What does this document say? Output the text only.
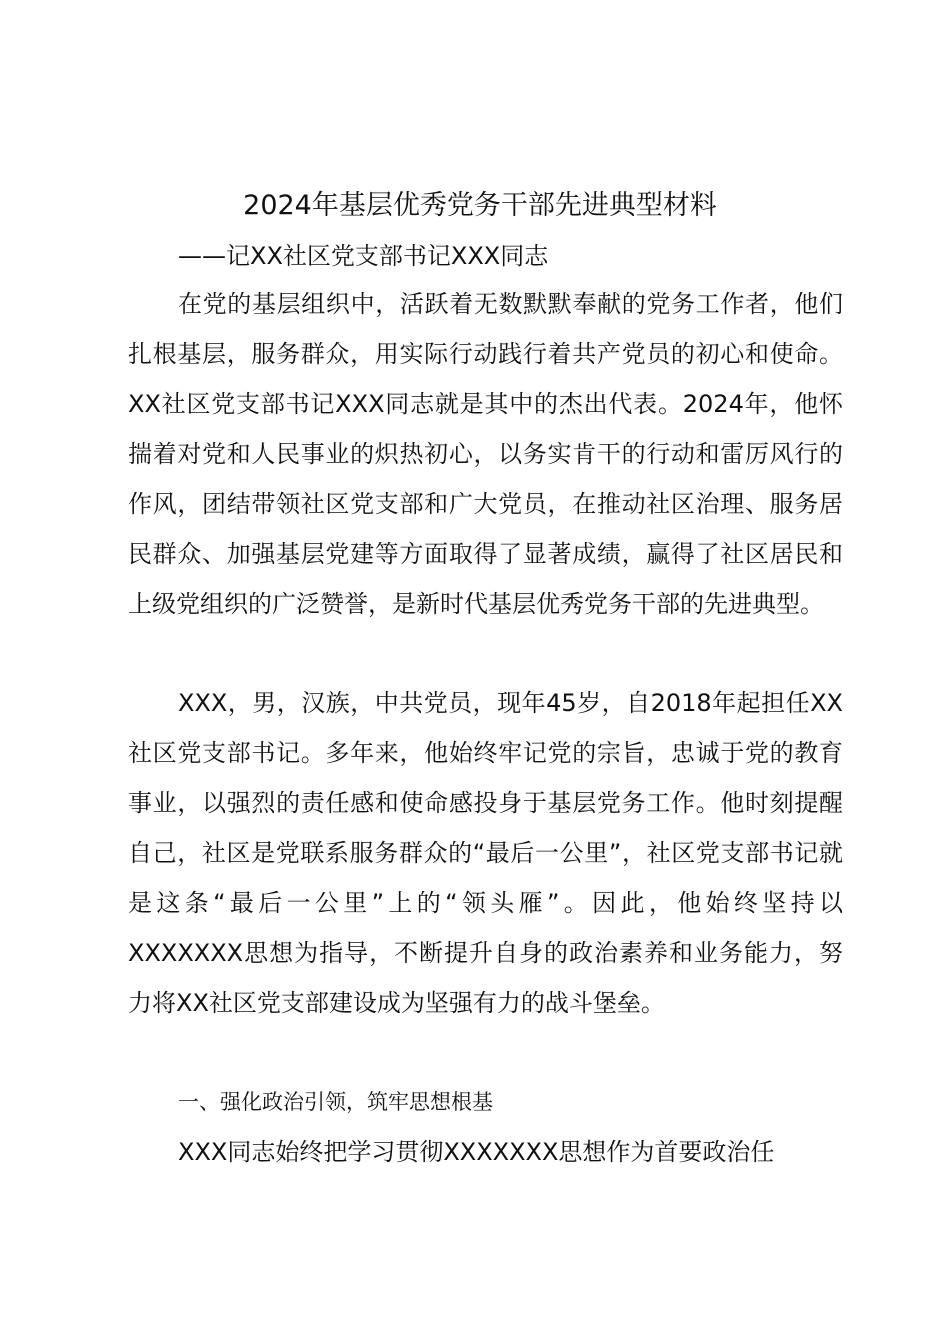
2024年基层优秀党务干部先进典型材料
——记XX社区党支部书记XXX同志

在党的基层组织中，活跃着无数默默奉献的党务工作者，他们扎根基层，服务群众，用实际行动践行着共产党员的初心和使命。XX社区党支部书记XXX同志就是其中的杰出代表。2024年，他怀揣着对党和人民事业的炽热初心，以务实肯干的行动和雷厉风行的作风，团结带领社区党支部和广大党员，在推动社区治理、服务居民群众、加强基层党建等方面取得了显著成绩，赢得了社区居民和上级党组织的广泛赞誉，是新时代基层优秀党务干部的先进典型。

XXX，男，汉族，中共党员，现年45岁，自2018年起担任XX社区党支部书记。多年来，他始终牢记党的宗旨，忠诚于党的教育事业，以强烈的责任感和使命感投身于基层党务工作。他时刻提醒自己，社区是党联系服务群众的“最后一公里”，社区党支部书记就是这条“最后一公里”上的“领头雁”。因此，他始终坚持以XXXXXXX思想为指导，不断提升自身的政治素养和业务能力，努力将XX社区党支部建设成为坚强有力的战斗堡垒。

一、强化政治引领，筑牢思想根基

XXX同志始终把学习贯彻XXXXXXX思想作为首要政治任
